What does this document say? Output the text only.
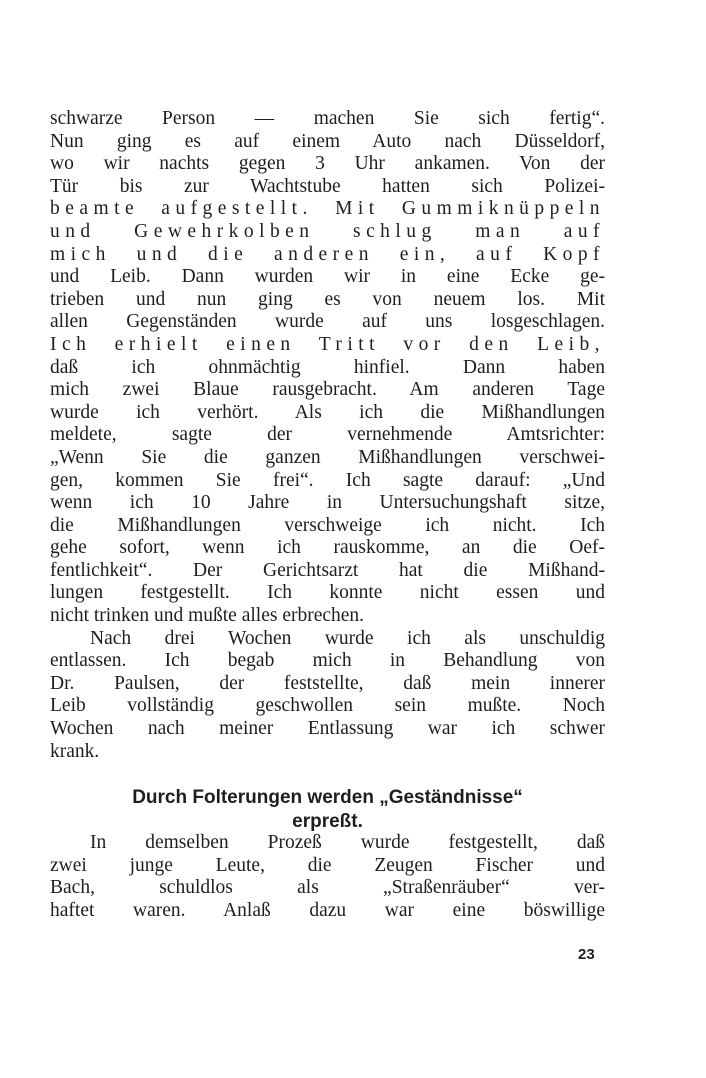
schwarze Person — machen Sie sich fertig“.
Nun ging es auf einem Auto nach Düsseldorf,
wo wir nachts gegen 3 Uhr ankamen. Von der
Tür bis zur Wachtstube hatten sich Polizei-
beamte aufgestellt. Mit Gummiknüppeln
und Gewehrkolben schlug man auf
mich und die anderen ein, auf Kopf
und Leib. Dann wurden wir in eine Ecke ge-
trieben und nun ging es von neuem los. Mit
allen Gegenständen wurde auf uns losgeschlagen.
Ich erhielt einen Tritt vor den Leib,
daß ich ohnmächtig hinfiel. Dann haben
mich zwei Blaue rausgebracht. Am anderen Tage
wurde ich verhört. Als ich die Mißhandlungen
meldete, sagte der vernehmende Amtsrichter:
„Wenn Sie die ganzen Mißhandlungen verschwei-
gen, kommen Sie frei“. Ich sagte darauf: „Und
wenn ich 10 Jahre in Untersuchungshaft sitze,
die Mißhandlungen verschweige ich nicht. Ich
gehe sofort, wenn ich rauskomme, an die Oef-
fentlichkeit“. Der Gerichtsarzt hat die Mißhand-
lungen festgestellt. Ich konnte nicht essen und
nicht trinken und mußte alles erbrechen.
Nach drei Wochen wurde ich als unschuldig
entlassen. Ich begab mich in Behandlung von
Dr. Paulsen, der feststellte, daß mein innerer
Leib vollständig geschwollen sein mußte. Noch
Wochen nach meiner Entlassung war ich schwer
krank.
Durch Folterungen werden „Geständnisse“
erpreßt.
In demselben Prozeß wurde festgestellt, daß
zwei junge Leute, die Zeugen Fischer und
Bach, schuldlos als „Straßenräuber“ ver-
haftet waren. Anlaß dazu war eine böswillige
23
